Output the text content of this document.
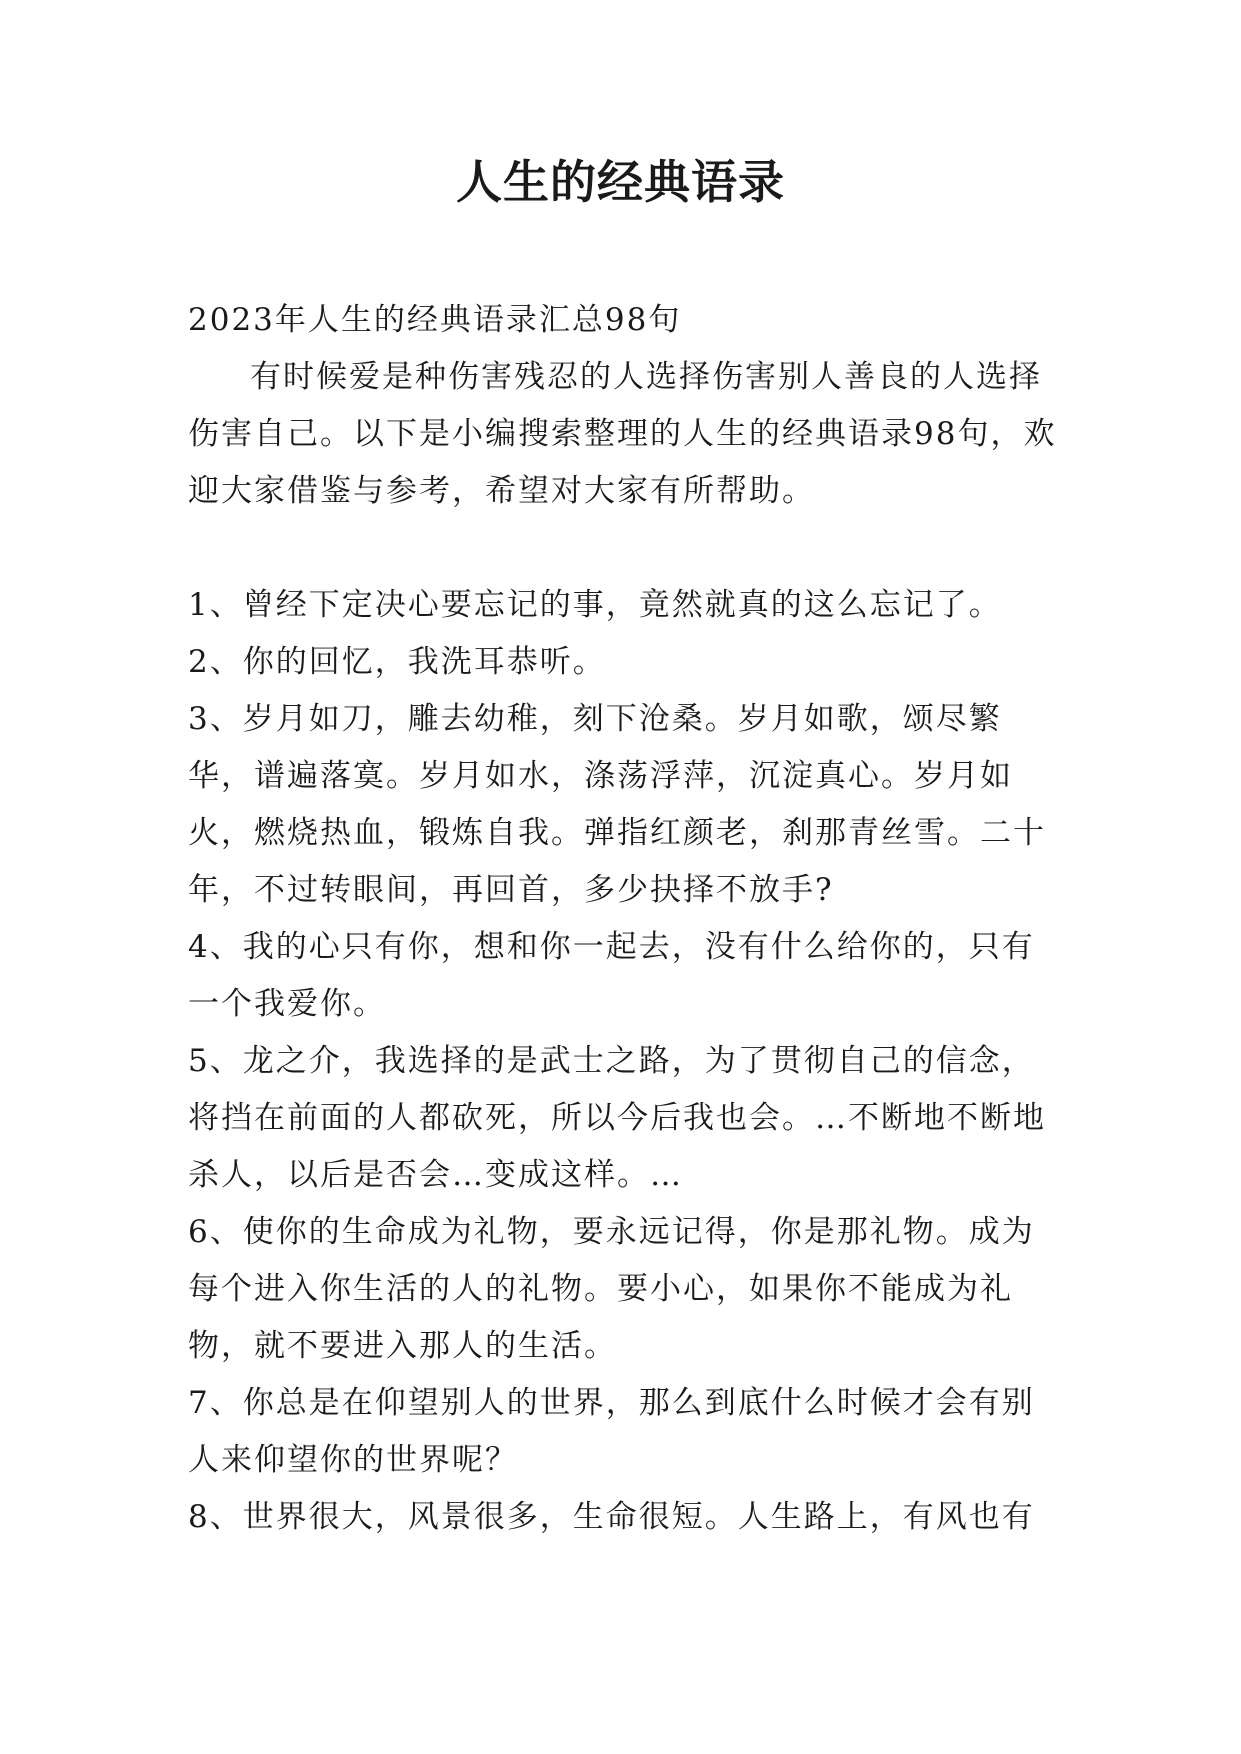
人生的经典语录

2023年人生的经典语录汇总98句

有时候爱是种伤害残忍的人选择伤害别人善良的人选择伤害自己。以下是小编搜索整理的人生的经典语录98句，欢迎大家借鉴与参考，希望对大家有所帮助。

1、曾经下定决心要忘记的事，竟然就真的这么忘记了。
2、你的回忆，我洗耳恭听。
3、岁月如刀，雕去幼稚，刻下沧桑。岁月如歌，颂尽繁华，谱遍落寞。岁月如水，涤荡浮萍，沉淀真心。岁月如火，燃烧热血，锻炼自我。弹指红颜老，刹那青丝雪。二十年，不过转眼间，再回首，多少抉择不放手?
4、我的心只有你，想和你一起去，没有什么给你的，只有一个我爱你。
5、龙之介，我选择的是武士之路，为了贯彻自己的信念，将挡在前面的人都砍死，所以今后我也会。…不断地不断地杀人，以后是否会…变成这样。…
6、使你的生命成为礼物，要永远记得，你是那礼物。成为每个进入你生活的人的礼物。要小心，如果你不能成为礼物，就不要进入那人的生活。
7、你总是在仰望别人的世界，那么到底什么时候才会有别人来仰望你的世界呢？
8、世界很大，风景很多，生命很短。人生路上，有风也有
